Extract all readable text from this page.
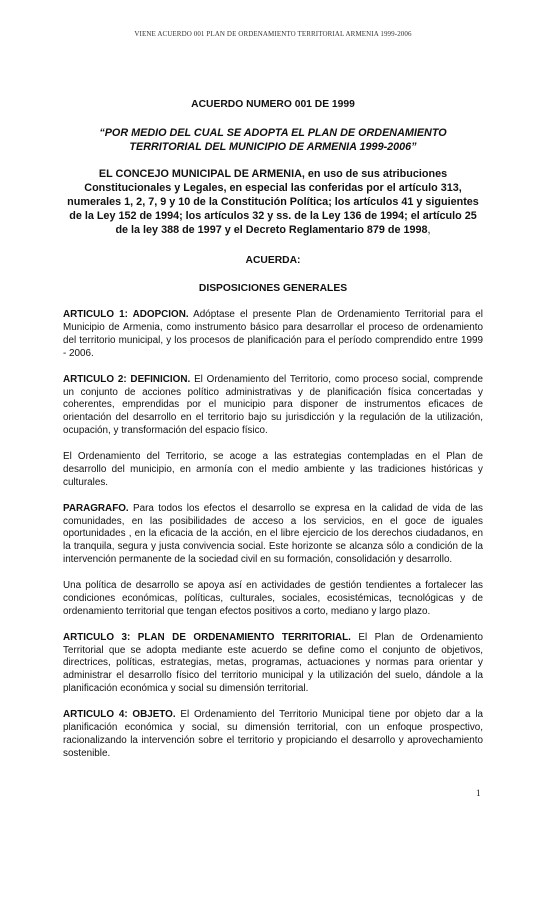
VIENE ACUERDO 001 PLAN DE ORDENAMIENTO TERRITORIAL ARMENIA 1999-2006
ACUERDO NUMERO 001 DE 1999
“POR MEDIO DEL CUAL SE ADOPTA EL PLAN DE ORDENAMIENTO TERRITORIAL DEL MUNICIPIO DE ARMENIA 1999-2006”
EL CONCEJO MUNICIPAL DE ARMENIA, en uso de sus atribuciones Constitucionales y Legales, en especial las conferidas por el artículo 313, numerales 1, 2, 7, 9 y 10 de la Constitución Política; los artículos 41 y siguientes de la Ley 152 de 1994; los artículos 32 y ss. de la Ley 136 de 1994; el artículo 25 de la ley 388 de 1997 y el Decreto Reglamentario 879 de 1998,
ACUERDA:
DISPOSICIONES GENERALES

ARTICULO 1: ADOPCION. Adóptase el presente Plan de Ordenamiento Territorial para el Municipio de Armenia, como instrumento básico para desarrollar el proceso de ordenamiento del territorio municipal, y los procesos de planificación para el período comprendido entre 1999 - 2006.

ARTICULO 2: DEFINICION. El Ordenamiento del Territorio, como proceso social, comprende un conjunto de acciones político administrativas y de planificación física concertadas y coherentes, emprendidas por el municipio para disponer de instrumentos eficaces de orientación del desarrollo en el territorio bajo su jurisdicción y la regulación de la utilización, ocupación, y transformación del espacio físico.

El Ordenamiento del Territorio, se acoge a las estrategias contempladas en el Plan de desarrollo del municipio, en armonía con el medio ambiente y las tradiciones históricas y culturales.

PARAGRAFO. Para todos los efectos el desarrollo se expresa en la calidad de vida de las comunidades, en las posibilidades de acceso a los servicios, en el goce de iguales oportunidades , en la eficacia de la acción, en el libre ejercicio de los derechos ciudadanos, en la tranquila, segura y justa convivencia social. Este horizonte se alcanza sólo a condición de la intervención permanente de la sociedad civil en su formación, consolidación y desarrollo.

Una política de desarrollo se apoya así en actividades de gestión tendientes a fortalecer las condiciones económicas, políticas, culturales, sociales, ecosistémicas, tecnológicas y de ordenamiento territorial que tengan efectos positivos a corto, mediano y largo plazo.

ARTICULO 3: PLAN DE ORDENAMIENTO TERRITORIAL. El Plan de Ordenamiento Territorial que se adopta mediante este acuerdo se define como el conjunto de objetivos, directrices, políticas, estrategias, metas, programas, actuaciones y normas para orientar y administrar el desarrollo físico del territorio municipal y la utilización del suelo, dándole a la planificación económica y social su dimensión territorial.

ARTICULO 4: OBJETO. El Ordenamiento del Territorio Municipal tiene por objeto dar a la planificación económica y social, su dimensión territorial, con un enfoque prospectivo, racionalizando la intervención sobre el territorio y propiciando el desarrollo y aprovechamiento sostenible.

1
